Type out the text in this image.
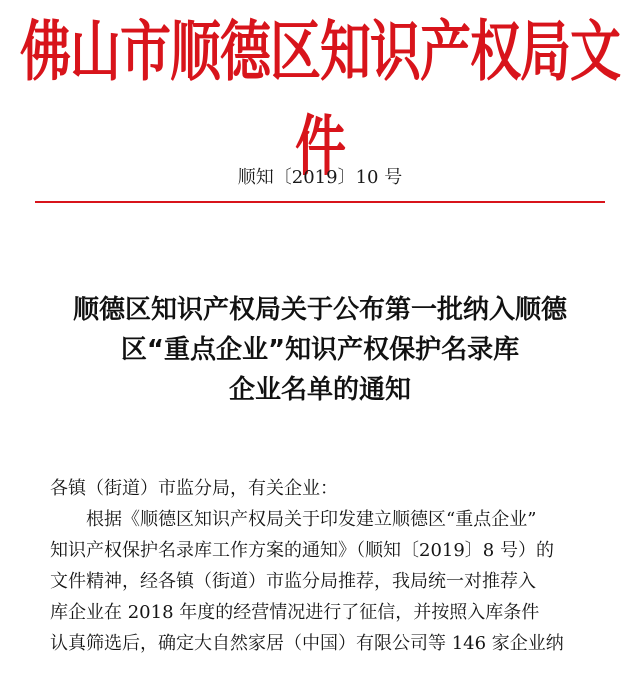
佛山市顺德区知识产权局文件
顺知〔2019〕10 号
顺德区知识产权局关于公布第一批纳入顺德
区“重点企业”知识产权保护名录库
企业名单的通知
各镇（街道）市监分局，有关企业：
根据《顺德区知识产权局关于印发建立顺德区“重点企业”
知识产权保护名录库工作方案的通知》（顺知〔2019〕8 号）的
文件精神，经各镇（街道）市监分局推荐，我局统一对推荐入
库企业在 2018 年度的经营情况进行了征信，并按照入库条件
认真筛选后，确定大自然家居（中国）有限公司等 146 家企业纳
